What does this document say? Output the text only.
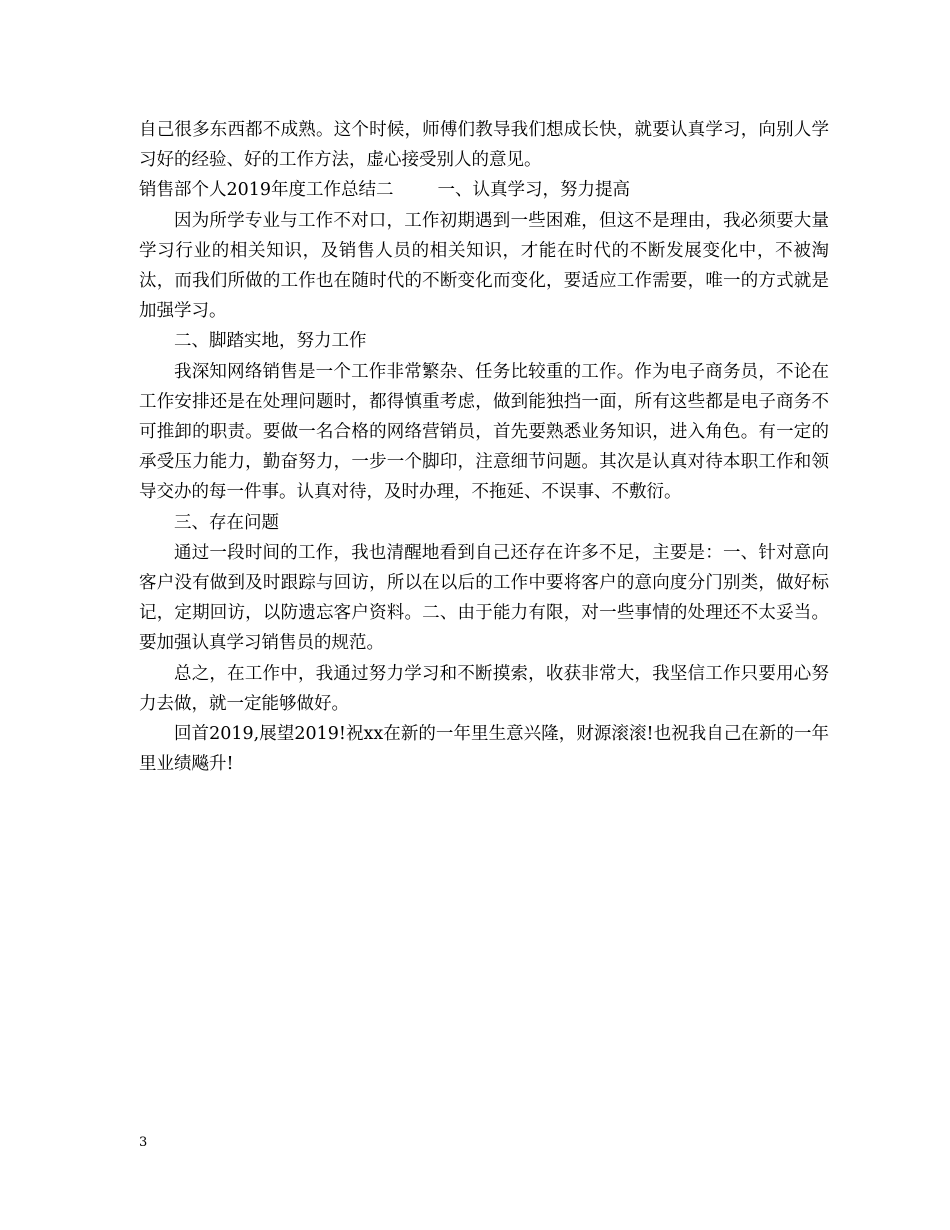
自己很多东西都不成熟。这个时候，师傅们教导我们想成长快，就要认真学习，向别人学习好的经验、好的工作方法，虚心接受别人的意见。

销售部个人2019年度工作总结二	一、认真学习，努力提高

因为所学专业与工作不对口，工作初期遇到一些困难，但这不是理由，我必须要大量学习行业的相关知识，及销售人员的相关知识，才能在时代的不断发展变化中，不被淘汰，而我们所做的工作也在随时代的不断变化而变化，要适应工作需要，唯一的方式就是加强学习。

二、脚踏实地，努力工作

我深知网络销售是一个工作非常繁杂、任务比较重的工作。作为电子商务员，不论在工作安排还是在处理问题时，都得慎重考虑，做到能独挡一面，所有这些都是电子商务不可推卸的职责。要做一名合格的网络营销员，首先要熟悉业务知识，进入角色。有一定的承受压力能力，勤奋努力，一步一个脚印，注意细节问题。其次是认真对待本职工作和领导交办的每一件事。认真对待，及时办理，不拖延、不误事、不敷衍。

三、存在问题

通过一段时间的工作，我也清醒地看到自己还存在许多不足，主要是：一、针对意向客户没有做到及时跟踪与回访，所以在以后的工作中要将客户的意向度分门别类，做好标记，定期回访，以防遗忘客户资料。二、由于能力有限，对一些事情的处理还不太妥当。要加强认真学习销售员的规范。

总之，在工作中，我通过努力学习和不断摸索，收获非常大，我坚信工作只要用心努力去做，就一定能够做好。

回首2019,展望2019!祝xx在新的一年里生意兴隆，财源滚滚!也祝我自己在新的一年里业绩飚升!

3
